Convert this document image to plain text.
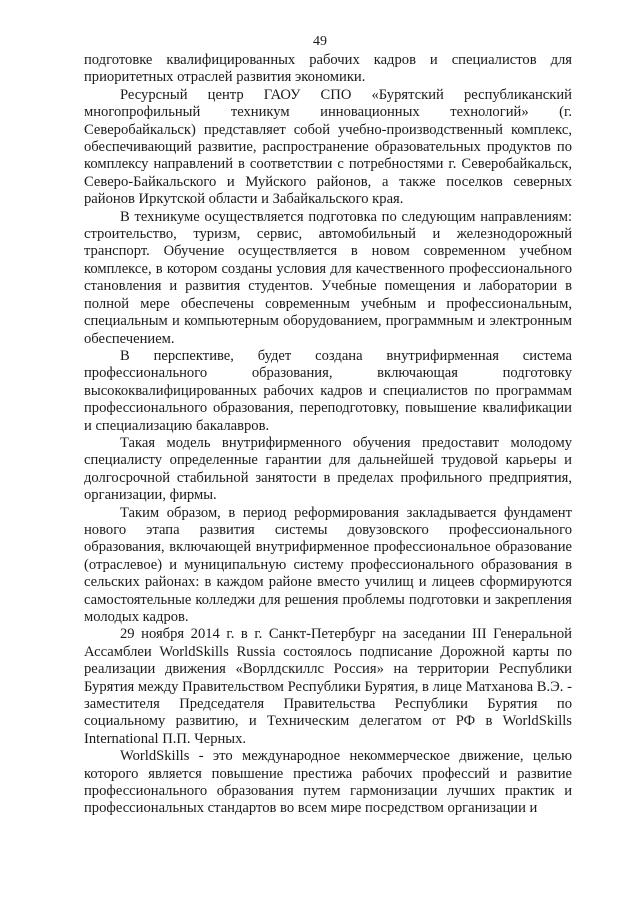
49

подготовке квалифицированных рабочих кадров и специалистов для приоритетных отраслей развития экономики.

Ресурсный центр ГАОУ СПО «Бурятский республиканский многопрофильный техникум инновационных технологий» (г. Северобайкальск) представляет собой учебно-производственный комплекс, обеспечивающий развитие, распространение образовательных продуктов по комплексу направлений в соответствии с потребностями г. Северобайкальск, Северо-Байкальского и Муйского районов, а также поселков северных районов Иркутской области и Забайкальского края.

В техникуме осуществляется подготовка по следующим направлениям: строительство, туризм, сервис, автомобильный и железнодорожный транспорт. Обучение осуществляется в новом современном учебном комплексе, в котором созданы условия для качественного профессионального становления и развития студентов. Учебные помещения и лаборатории в полной мере обеспечены современным учебным и профессиональным, специальным и компьютерным оборудованием, программным и электронным обеспечением.

В перспективе, будет создана внутрифирменная система профессионального образования, включающая подготовку высококвалифицированных рабочих кадров и специалистов по программам профессионального образования, переподготовку, повышение квалификации и специализацию бакалавров.

Такая модель внутрифирменного обучения предоставит молодому специалисту определенные гарантии для дальнейшей трудовой карьеры и долгосрочной стабильной занятости в пределах профильного предприятия, организации, фирмы.

Таким образом, в период реформирования закладывается фундамент нового этапа развития системы довузовского профессионального образования, включающей внутрифирменное профессиональное образование (отраслевое) и муниципальную систему профессионального образования в сельских районах: в каждом районе вместо училищ и лицеев сформируются самостоятельные колледжи для решения проблемы подготовки и закрепления молодых кадров.

29 ноября 2014 г. в г. Санкт-Петербург на заседании III Генеральной Ассамблеи WorldSkills Russia состоялось подписание Дорожной карты по реализации движения «Ворлдскиллс Россия» на территории Республики Бурятия между Правительством Республики Бурятия, в лице Матханова В.Э. - заместителя Председателя Правительства Республики Бурятия по социальному развитию, и Техническим делегатом от РФ в WorldSkills International П.П. Черных.

WorldSkills - это международное некоммерческое движение, целью которого является повышение престижа рабочих профессий и развитие профессионального образования путем гармонизации лучших практик и профессиональных стандартов во всем мире посредством организации и
